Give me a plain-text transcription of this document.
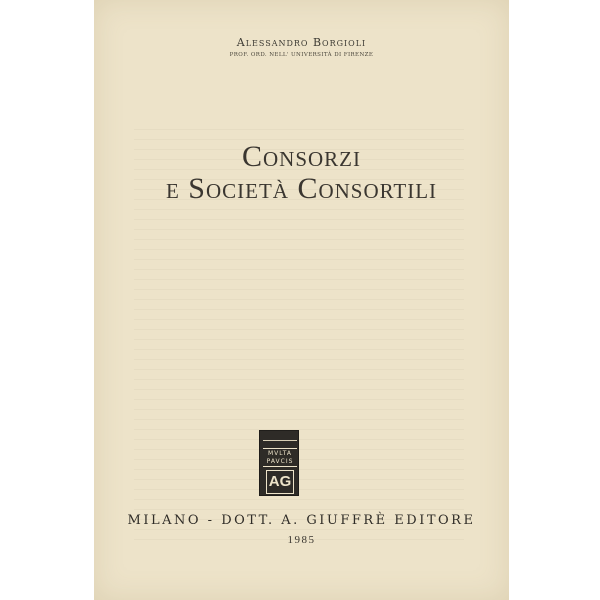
Alessandro Borgioli
PROF. ORD. NELL' UNIVERSITÀ DI FIRENZE
Consorzi
e Società Consortili
MVLTA
PAVCIS
AG
MILANO - DOTT. A. GIUFFRÈ EDITORE
1985
